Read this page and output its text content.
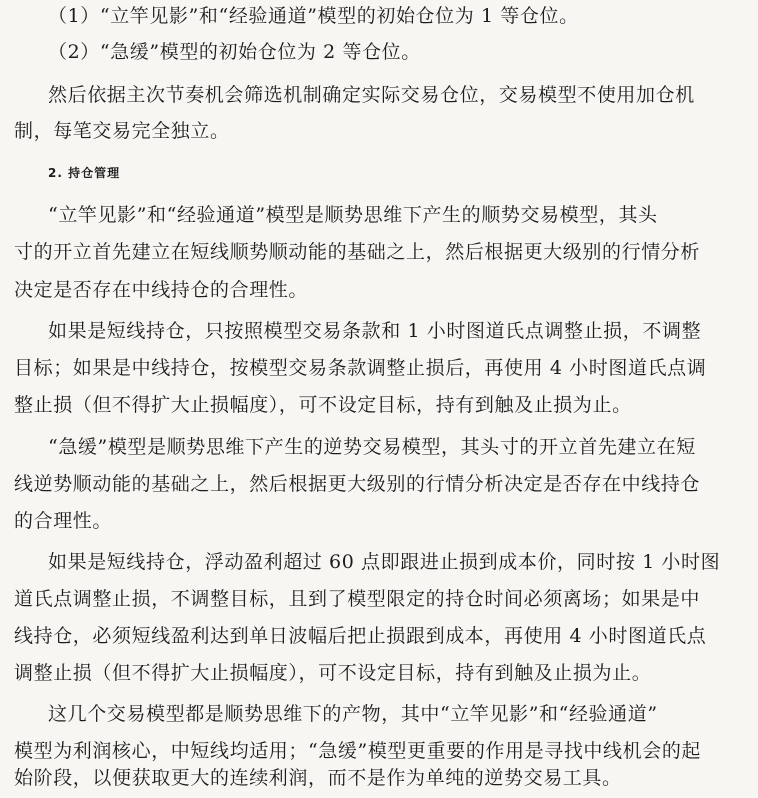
（1）“立竿见影”和“经验通道”模型的初始仓位为 1 等仓位。
（2）“急缓”模型的初始仓位为 2 等仓位。
然后依据主次节奏机会筛选机制确定实际交易仓位，交易模型不使用加仓机
制，每笔交易完全独立。
2. 持仓管理
“立竿见影”和“经验通道”模型是顺势思维下产生的顺势交易模型，其头
寸的开立首先建立在短线顺势顺动能的基础之上，然后根据更大级别的行情分析
决定是否存在中线持仓的合理性。
如果是短线持仓，只按照模型交易条款和 1 小时图道氏点调整止损，不调整
目标；如果是中线持仓，按模型交易条款调整止损后，再使用 4 小时图道氏点调
整止损（但不得扩大止损幅度），可不设定目标，持有到触及止损为止。
“急缓”模型是顺势思维下产生的逆势交易模型，其头寸的开立首先建立在短
线逆势顺动能的基础之上，然后根据更大级别的行情分析决定是否存在中线持仓
的合理性。
如果是短线持仓，浮动盈利超过 60 点即跟进止损到成本价，同时按 1 小时图
道氏点调整止损，不调整目标，且到了模型限定的持仓时间必须离场；如果是中
线持仓，必须短线盈利达到单日波幅后把止损跟到成本，再使用 4 小时图道氏点
调整止损（但不得扩大止损幅度），可不设定目标，持有到触及止损为止。
这几个交易模型都是顺势思维下的产物，其中“立竿见影”和“经验通道”
模型为利润核心，中短线均适用；“急缓”模型更重要的作用是寻找中线机会的起
始阶段，以便获取更大的连续利润，而不是作为单纯的逆势交易工具。
